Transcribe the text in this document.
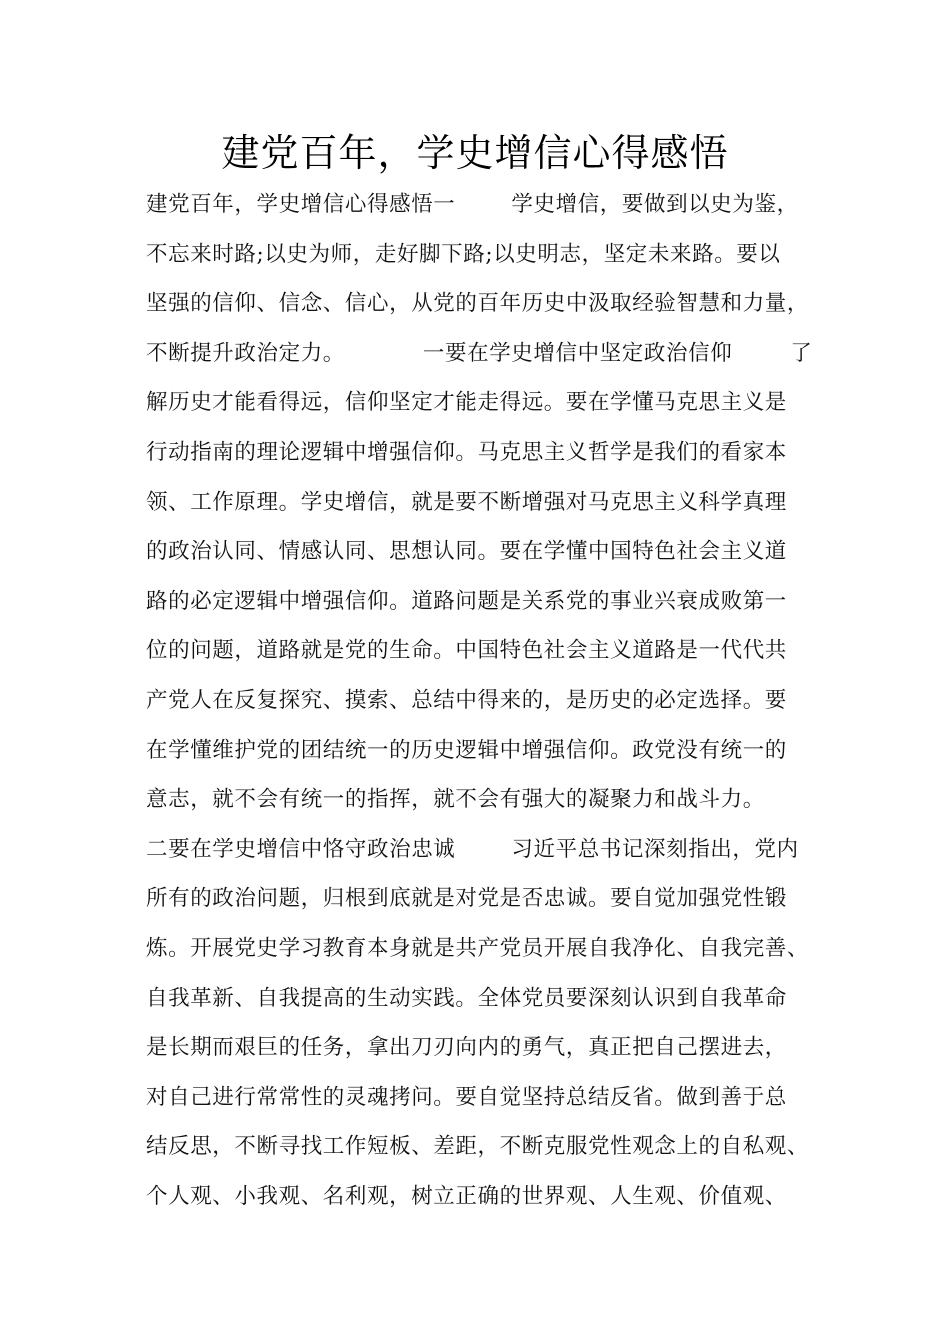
建党百年，学史增信心得感悟
建党百年，学史增信心得感悟一	学史增信，要做到以史为鉴，
不忘来时路;以史为师，走好脚下路;以史明志，坚定未来路。要以
坚强的信仰、信念、信心，从党的百年历史中汲取经验智慧和力量，
不断提升政治定力。	一要在学史增信中坚定政治信仰	了
解历史才能看得远，信仰坚定才能走得远。要在学懂马克思主义是
行动指南的理论逻辑中增强信仰。马克思主义哲学是我们的看家本
领、工作原理。学史增信，就是要不断增强对马克思主义科学真理
的政治认同、情感认同、思想认同。要在学懂中国特色社会主义道
路的必定逻辑中增强信仰。道路问题是关系党的事业兴衰成败第一
位的问题，道路就是党的生命。中国特色社会主义道路是一代代共
产党人在反复探究、摸索、总结中得来的，是历史的必定选择。要
在学懂维护党的团结统一的历史逻辑中增强信仰。政党没有统一的
意志，就不会有统一的指挥，就不会有强大的凝聚力和战斗力。
二要在学史增信中恪守政治忠诚	习近平总书记深刻指出，党内
所有的政治问题，归根到底就是对党是否忠诚。要自觉加强党性锻
炼。开展党史学习教育本身就是共产党员开展自我净化、自我完善、
自我革新、自我提高的生动实践。全体党员要深刻认识到自我革命
是长期而艰巨的任务，拿出刀刃向内的勇气，真正把自己摆进去，
对自己进行常常性的灵魂拷问。要自觉坚持总结反省。做到善于总
结反思，不断寻找工作短板、差距，不断克服党性观念上的自私观、
个人观、小我观、名利观，树立正确的世界观、人生观、价值观、
